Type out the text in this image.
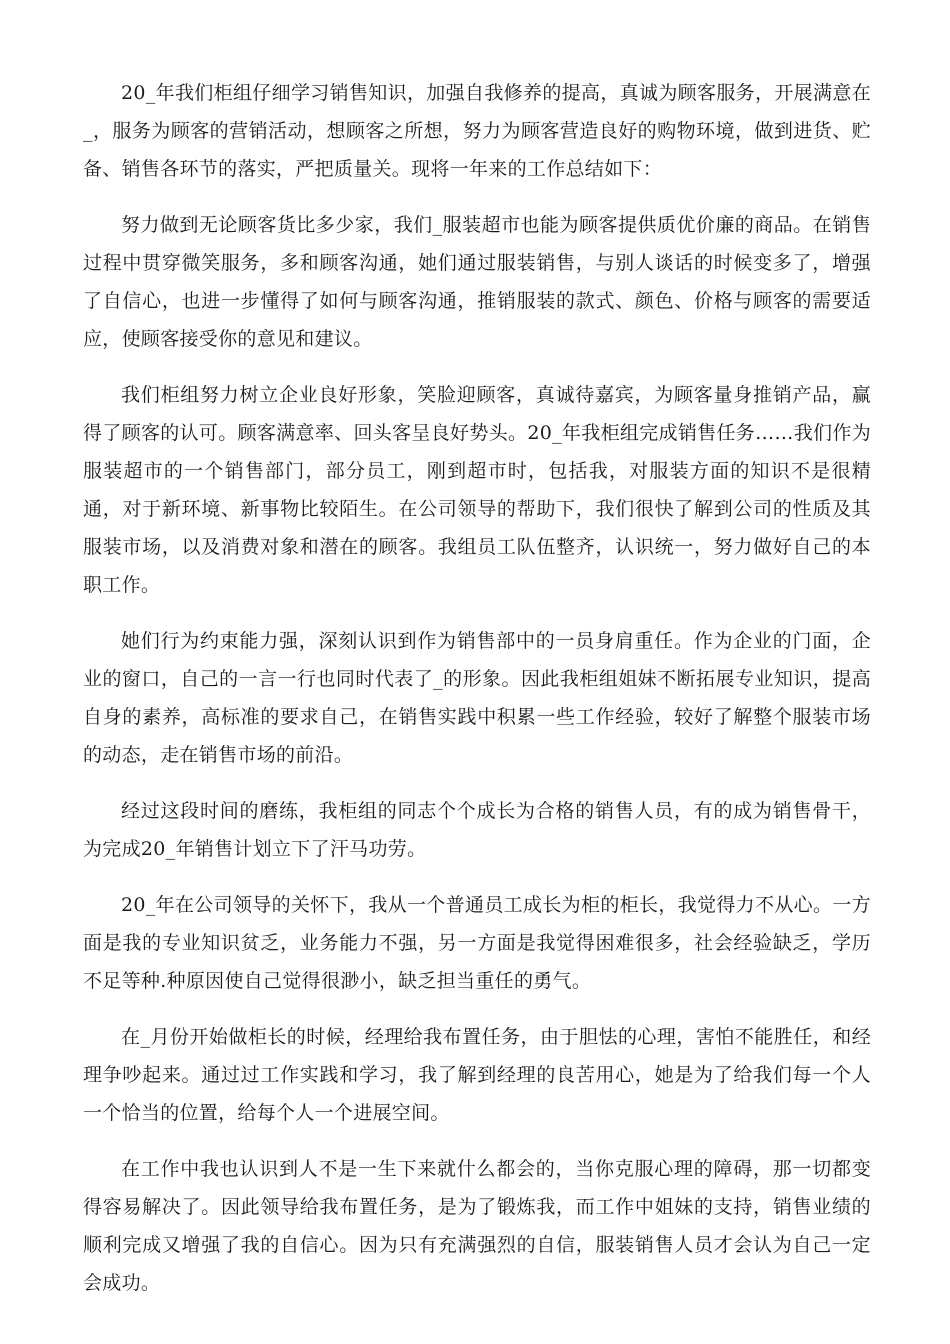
20_年我们柜组仔细学习销售知识，加强自我修养的提高，真诚为顾客服务，开展满意在_，服务为顾客的营销活动，想顾客之所想，努力为顾客营造良好的购物环境，做到进货、贮备、销售各环节的落实，严把质量关。现将一年来的工作总结如下：

努力做到无论顾客货比多少家，我们_服装超市也能为顾客提供质优价廉的商品。在销售过程中贯穿微笑服务，多和顾客沟通，她们通过服装销售，与别人谈话的时候变多了，增强了自信心，也进一步懂得了如何与顾客沟通，推销服装的款式、颜色、价格与顾客的需要适应，使顾客接受你的意见和建议。

我们柜组努力树立企业良好形象，笑脸迎顾客，真诚待嘉宾，为顾客量身推销产品，赢得了顾客的认可。顾客满意率、回头客呈良好势头。20_年我柜组完成销售任务……我们作为服装超市的一个销售部门，部分员工，刚到超市时，包括我，对服装方面的知识不是很精通，对于新环境、新事物比较陌生。在公司领导的帮助下，我们很快了解到公司的性质及其服装市场，以及消费对象和潜在的顾客。我组员工队伍整齐，认识统一，努力做好自己的本职工作。

她们行为约束能力强，深刻认识到作为销售部中的一员身肩重任。作为企业的门面，企业的窗口，自己的一言一行也同时代表了_的形象。因此我柜组姐妹不断拓展专业知识，提高自身的素养，高标准的要求自己，在销售实践中积累一些工作经验，较好了解整个服装市场的动态，走在销售市场的前沿。

经过这段时间的磨练，我柜组的同志个个成长为合格的销售人员，有的成为销售骨干，为完成20_年销售计划立下了汗马功劳。

20_年在公司领导的关怀下，我从一个普通员工成长为柜的柜长，我觉得力不从心。一方面是我的专业知识贫乏，业务能力不强，另一方面是我觉得困难很多，社会经验缺乏，学历不足等种.种原因使自己觉得很渺小，缺乏担当重任的勇气。

在_月份开始做柜长的时候，经理给我布置任务，由于胆怯的心理，害怕不能胜任，和经理争吵起来。通过过工作实践和学习，我了解到经理的良苦用心，她是为了给我们每一个人一个恰当的位置，给每个人一个进展空间。

在工作中我也认识到人不是一生下来就什么都会的，当你克服心理的障碍，那一切都变得容易解决了。因此领导给我布置任务，是为了锻炼我，而工作中姐妹的支持，销售业绩的顺利完成又增强了我的自信心。因为只有充满强烈的自信，服装销售人员才会认为自己一定会成功。
